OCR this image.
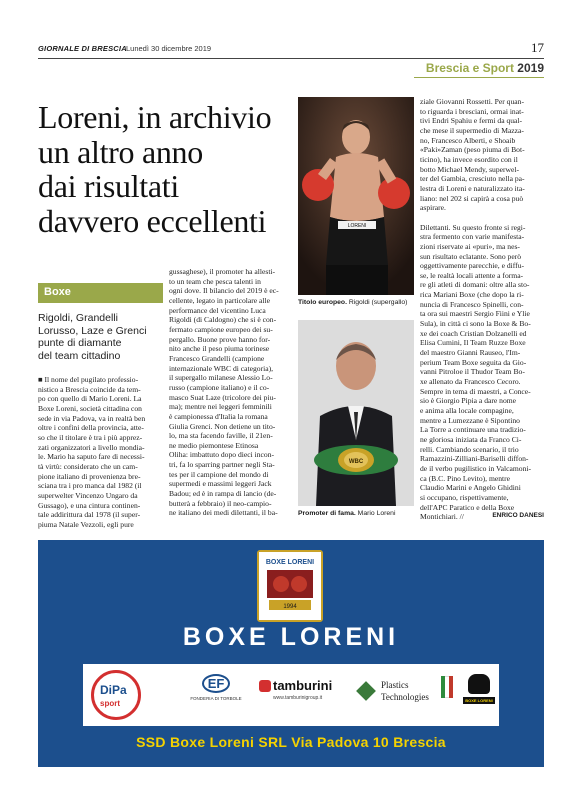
GIORNALE DI BRESCIA Lunedì 30 dicembre 2019	17
Brescia e Sport 2019
Loreni, in archivio
un altro anno
dai risultati
davvero eccellenti
Boxe
Rigoldi, Grandelli
Lorusso, Laze e Grenci
punte di diamante
del team cittadino
■ Il nome del pugilato professio-
nistico a Brescia coincide da tem-
po con quello di Mario Loreni. La
Boxe Loreni, società cittadina con
sede in via Padova, va in realtà ben
oltre i confini della provincia, atte-
so che il titolare è tra i più apprez-
zati organizzatori a livello mondia-
le. Mario ha saputo fare di necessi-
tà virtù: considerato che un cam-
pione italiano di provenienza bre-
sciana tra i pro manca dal 1982 (il
superwelter Vincenzo Ungaro da
Gussago), e una cintura continen-
tale addirittura dal 1978 (il super-
piuma Natale Vezzoli, egli pure
gussaghese), il promoter ha allesti-
to un team che pesca talenti in
ogni dove. Il bilancio del 2019 è ec-
cellente, legato in particolare alle
performance del vicentino Luca
Rigoldi (di Caldogno) che si è con-
fermato campione europeo dei su-
pergallo. Buone prove hanno for-
nito anche il peso piuma torinese
Francesco Grandelli (campione
internazionale WBC di categoria),
il supergallo milanese Alessio Lo-
russo (campione italiano) e il co-
masco Suat Laze (tricolore dei piu-
ma); mentre nei leggeri femminili
è campionessa d'Italia la romana
Giulia Grenci. Non detiene un tito-
lo, ma sta facendo faville, il 21en-
ne medio piemontese Etinosa
Oliha: imbattuto dopo dieci incon-
tri, fa lo sparring partner negli Sta-
tes per il campione del mondo di
supermedi e massimi leggeri Jack
Badou; ed è in rampa di lancio (de-
butterà a febbraio) il neo-campio-
ne italiano dei medi dilettanti, il ba-
ziale Giovanni Rossetti. Per quan-
to riguarda i bresciani, ormai inat-
tivi Endri Spahiu e fermi da qual-
che mese il supermedio di Mazza-
no, Francesco Alberti, e Shoaib
«Paki»Zaman (peso piuma di Bot-
ticino), ha invece esordito con il
botto Michael Mendy, superwel-
ter del Gambia, cresciuto nella pa-
lestra di Loreni e naturalizzato ita-
liano: nel 202 si capirà a cosa può
aspirare.

Dilettanti. Su questo fronte si regi-
stra fermento con varie manifesta-
zioni riservate ai «puri», ma nes-
sun risultato eclatante. Sono però
oggettivamente parecchie, e diffu-
se, le realtà locali attente a forma-
re gli atleti di domani: oltre alla sto-
rica Mariani Boxe (che dopo la ri-
nuncia di Francesco Spinelli, con-
ta ora sui maestri Sergio Fiini e Ylie
Sula), in città ci sono la Boxe & Bo-
xe dei coach Cristian Dolzanelli ed
Elisa Cumini, Il Team Ruzze Boxe
del maestro Gianni Rauseo, l'Im-
perium Team Boxe seguita da Gio-
vanni Pitroloe il Thudor Team Bo-
xe allenato da Francesco Cecoro.
Sempre in tema di maestri, a Conce-
sio è Giorgio Pipia a dare nome
e anima alla locale compagine,
mentre a Lumezzane è Sipontino
La Torre a continuare una tradizio-
ne gloriosa iniziata da Franco Ci-
relli. Cambiando scenario, il trio
Ramazzini-Zilliani-Bariselli diffon-
de il verbo pugilistico in Valcamoni-
ca (B.C. Pino Levito), mentre
Claudio Marini e Angelo Ghidini
si occupano, rispettivamente,
dell'APC Paratico e della Boxe
Montichiari. //
LORENI
Titolo europeo. Rigoldi (supergallo)
WBC
Promoter di fama. Mario Loreni	ENRICO DANESI
BOXE LORENI
1994
BOXE LORENI
DiPa
sport
EF
FONDERIA DI TORBOLE
tamburini
www.tamburinigroup.it
Plastics
Technologies	BOXE LORENI
SSD Boxe Loreni SRL Via Padova 10 Brescia
